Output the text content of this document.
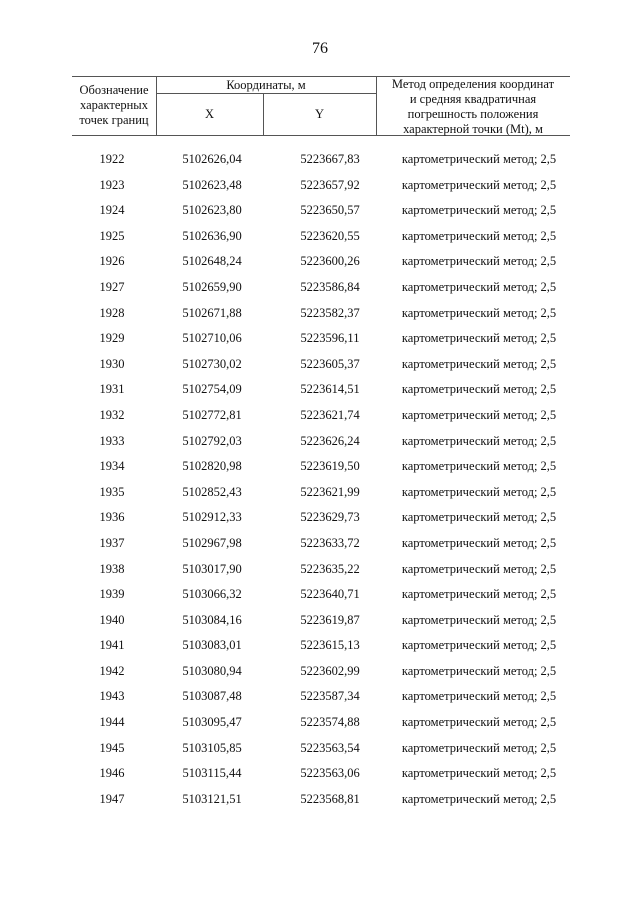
76
Обозначение
характерных
точек границ
Координаты, м
X	Y
Метод определения координат
и средняя квадратичная
погрешность положения
характерной точки (Mt), м
1922	5102626,04	5223667,83	картометрический метод; 2,5
1923	5102623,48	5223657,92	картометрический метод; 2,5
1924	5102623,80	5223650,57	картометрический метод; 2,5
1925	5102636,90	5223620,55	картометрический метод; 2,5
1926	5102648,24	5223600,26	картометрический метод; 2,5
1927	5102659,90	5223586,84	картометрический метод; 2,5
1928	5102671,88	5223582,37	картометрический метод; 2,5
1929	5102710,06	5223596,11	картометрический метод; 2,5
1930	5102730,02	5223605,37	картометрический метод; 2,5
1931	5102754,09	5223614,51	картометрический метод; 2,5
1932	5102772,81	5223621,74	картометрический метод; 2,5
1933	5102792,03	5223626,24	картометрический метод; 2,5
1934	5102820,98	5223619,50	картометрический метод; 2,5
1935	5102852,43	5223621,99	картометрический метод; 2,5
1936	5102912,33	5223629,73	картометрический метод; 2,5
1937	5102967,98	5223633,72	картометрический метод; 2,5
1938	5103017,90	5223635,22	картометрический метод; 2,5
1939	5103066,32	5223640,71	картометрический метод; 2,5
1940	5103084,16	5223619,87	картометрический метод; 2,5
1941	5103083,01	5223615,13	картометрический метод; 2,5
1942	5103080,94	5223602,99	картометрический метод; 2,5
1943	5103087,48	5223587,34	картометрический метод; 2,5
1944	5103095,47	5223574,88	картометрический метод; 2,5
1945	5103105,85	5223563,54	картометрический метод; 2,5
1946	5103115,44	5223563,06	картометрический метод; 2,5
1947	5103121,51	5223568,81	картометрический метод; 2,5
